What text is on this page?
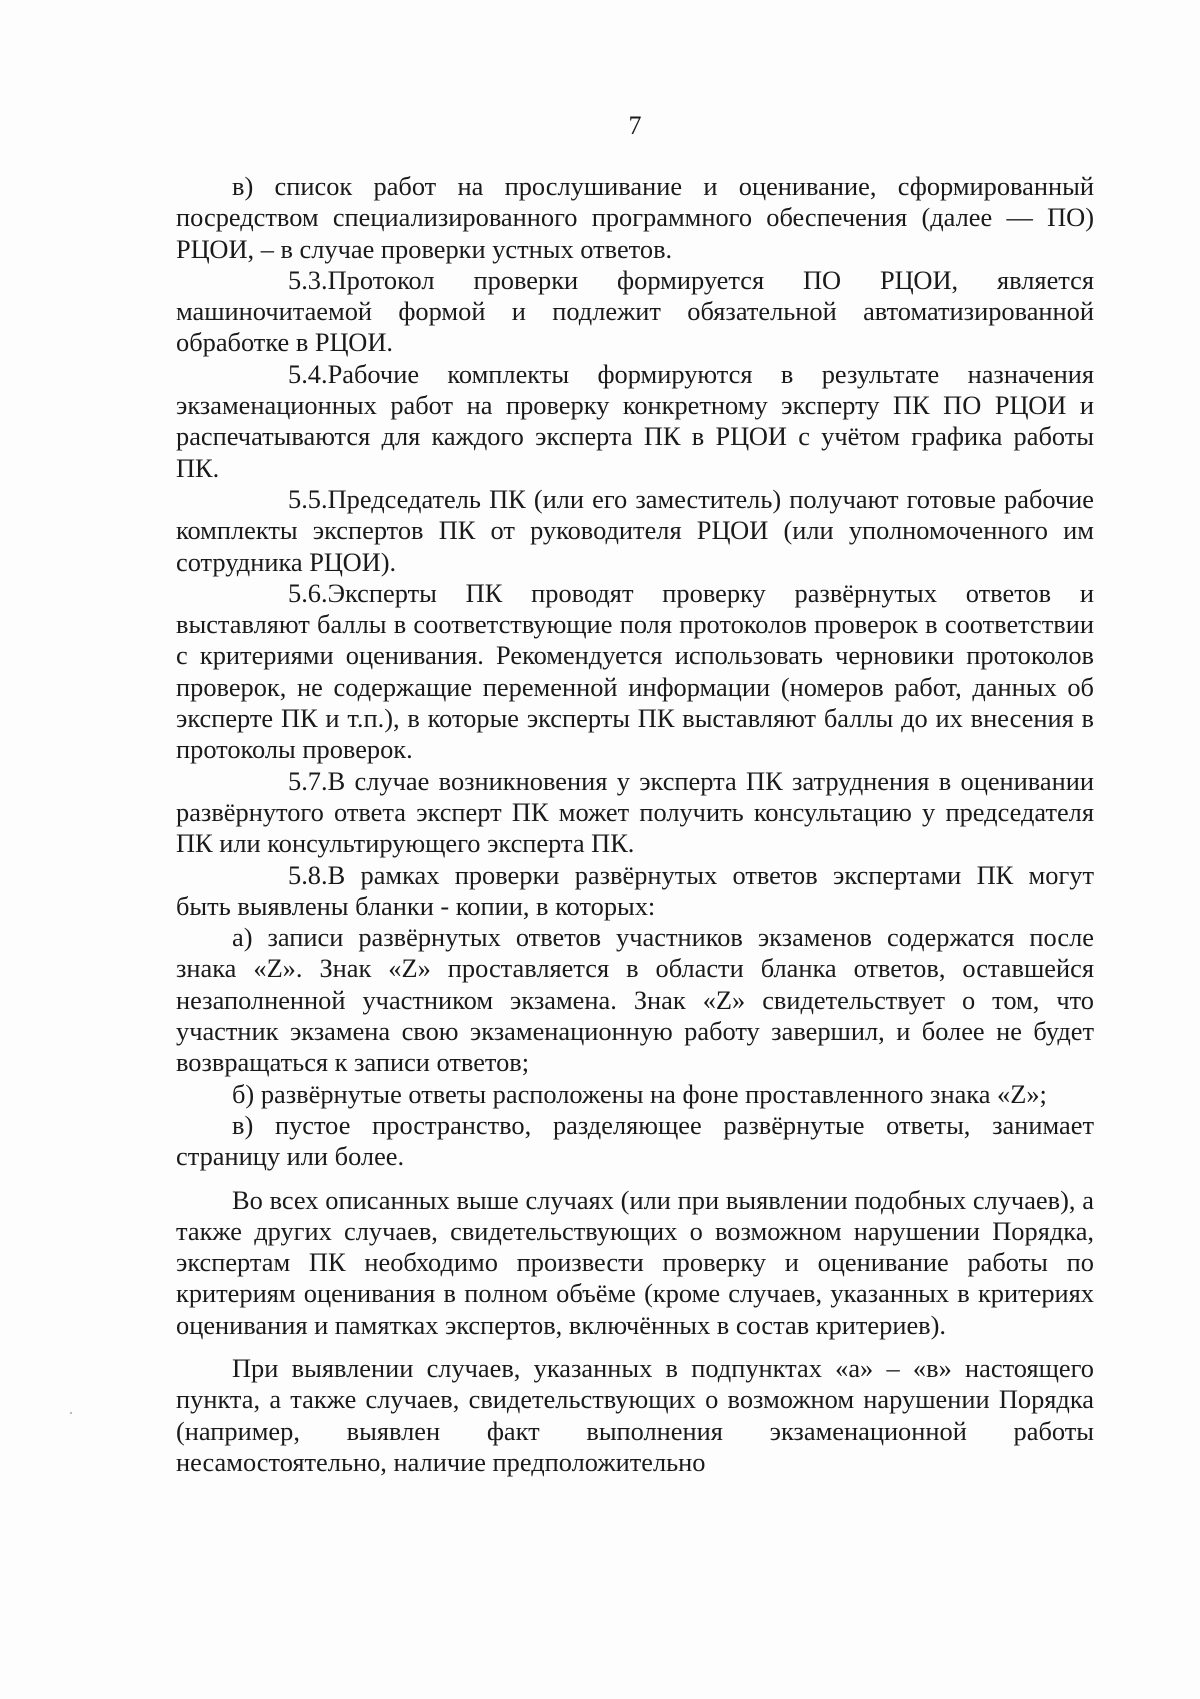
7

в) список работ на прослушивание и оценивание, сформированный посредством специализированного программного обеспечения (далее — ПО) РЦОИ, – в случае проверки устных ответов.

5.3.Протокол проверки формируется ПО РЦОИ, является машиночитаемой формой и подлежит обязательной автоматизированной обработке в РЦОИ.

5.4.Рабочие комплекты формируются в результате назначения экзаменационных работ на проверку конкретному эксперту ПК ПО РЦОИ и распечатываются для каждого эксперта ПК в РЦОИ с учётом графика работы ПК.

5.5.Председатель ПК (или его заместитель) получают готовые рабочие комплекты экспертов ПК от руководителя РЦОИ (или уполномоченного им сотрудника РЦОИ).

5.6.Эксперты ПК проводят проверку развёрнутых ответов и выставляют баллы в соответствующие поля протоколов проверок в соответствии с критериями оценивания. Рекомендуется использовать черновики протоколов проверок, не содержащие переменной информации (номеров работ, данных об эксперте ПК и т.п.), в которые эксперты ПК выставляют баллы до их внесения в протоколы проверок.

5.7.В случае возникновения у эксперта ПК затруднения в оценивании развёрнутого ответа эксперт ПК может получить консультацию у председателя ПК или консультирующего эксперта ПК.

5.8.В рамках проверки развёрнутых ответов экспертами ПК могут быть выявлены бланки - копии, в которых:

а) записи развёрнутых ответов участников экзаменов содержатся после знака «Z». Знак «Z» проставляется в области бланка ответов, оставшейся незаполненной участником экзамена. Знак «Z» свидетельствует о том, что участник экзамена свою экзаменационную работу завершил, и более не будет возвращаться к записи ответов;

б) развёрнутые ответы расположены на фоне проставленного знака «Z»;

в) пустое пространство, разделяющее развёрнутые ответы, занимает страницу или более.

Во всех описанных выше случаях (или при выявлении подобных случаев), а также других случаев, свидетельствующих о возможном нарушении Порядка, экспертам ПК необходимо произвести проверку и оценивание работы по критериям оценивания в полном объёме (кроме случаев, указанных в критериях оценивания и памятках экспертов, включённых в состав критериев).

При выявлении случаев, указанных в подпунктах «а» – «в» настоящего пункта, а также случаев, свидетельствующих о возможном нарушении Порядка (например, выявлен факт выполнения экзаменационной работы несамостоятельно, наличие предположительно
